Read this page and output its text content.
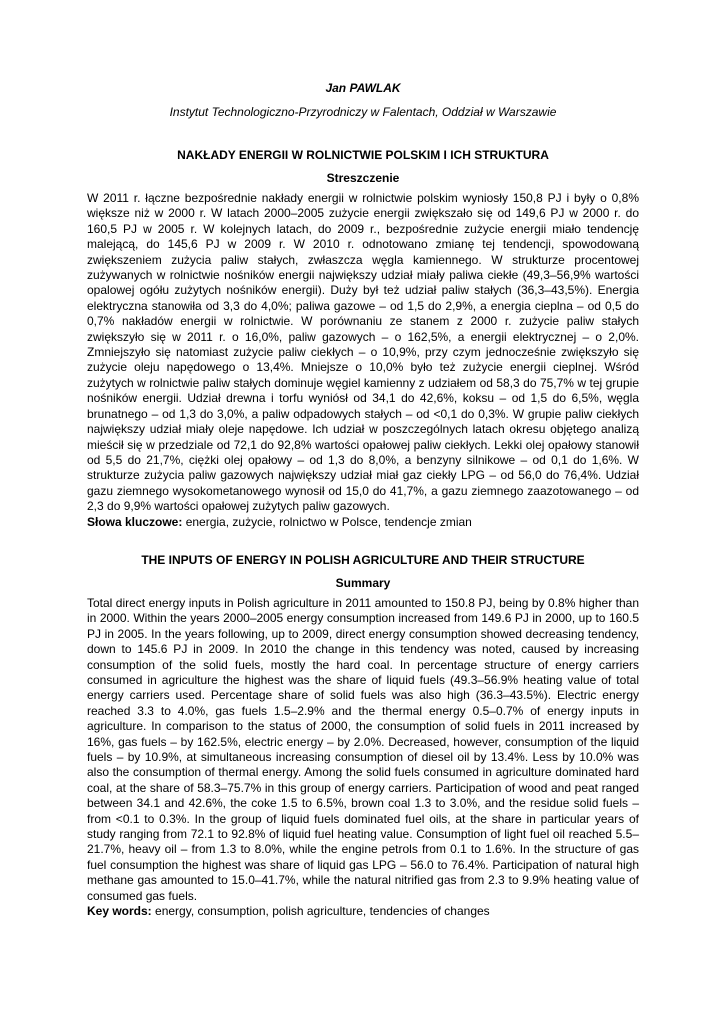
Jan PAWLAK

Instytut Technologiczno-Przyrodniczy w Falentach, Oddział w Warszawie

NAKŁADY ENERGII W ROLNICTWIE POLSKIM I ICH STRUKTURA

Streszczenie

W 2011 r. łączne bezpośrednie nakłady energii w rolnictwie polskim wyniosły 150,8 PJ i były o 0,8% większe niż w 2000 r. W latach 2000–2005 zużycie energii zwiększało się od 149,6 PJ w 2000 r. do 160,5 PJ w 2005 r. W kolejnych latach, do 2009 r., bezpośrednie zużycie energii miało tendencję malejącą, do 145,6 PJ w 2009 r. W 2010 r. odnotowano zmianę tej tendencji, spowodowaną zwiększeniem zużycia paliw stałych, zwłaszcza węgla kamiennego. W strukturze procentowej zużywanych w rolnictwie nośników energii największy udział miały paliwa ciekłe (49,3–56,9% wartości opalowej ogółu zużytych nośników energii). Duży był też udział paliw stałych (36,3–43,5%). Energia elektryczna stanowiła od 3,3 do 4,0%; paliwa gazowe – od 1,5 do 2,9%, a energia cieplna – od 0,5 do 0,7% nakładów energii w rolnictwie. W porównaniu ze stanem z 2000 r. zużycie paliw stałych zwiększyło się w 2011 r. o 16,0%, paliw gazowych – o 162,5%, a energii elektrycznej – o 2,0%. Zmniejszyło się natomiast zużycie paliw ciekłych – o 10,9%, przy czym jednocześnie zwiększyło się zużycie oleju napędowego o 13,4%. Mniejsze o 10,0% było też zużycie energii cieplnej. Wśród zużytych w rolnictwie paliw stałych dominuje węgiel kamienny z udziałem od 58,3 do 75,7% w tej grupie nośników energii. Udział drewna i torfu wyniósł od 34,1 do 42,6%, koksu – od 1,5 do 6,5%, węgla brunatnego – od 1,3 do 3,0%, a paliw odpadowych stałych – od <0,1 do 0,3%. W grupie paliw ciekłych największy udział miały oleje napędowe. Ich udział w poszczególnych latach okresu objętego analizą mieścił się w przedziale od 72,1 do 92,8% wartości opałowej paliw ciekłych. Lekki olej opałowy stanowił od 5,5 do 21,7%, ciężki olej opałowy – od 1,3 do 8,0%, a benzyny silnikowe – od 0,1 do 1,6%. W strukturze zużycia paliw gazowych największy udział miał gaz ciekły LPG – od 56,0 do 76,4%. Udział gazu ziemnego wysokometanowego wynosił od 15,0 do 41,7%, a gazu ziemnego zaazotowanego – od 2,3 do 9,9% wartości opałowej zużytych paliw gazowych.

Słowa kluczowe: energia, zużycie, rolnictwo w Polsce, tendencje zmian

THE INPUTS OF ENERGY IN POLISH AGRICULTURE AND THEIR STRUCTURE

Summary

Total direct energy inputs in Polish agriculture in 2011 amounted to 150.8 PJ, being by 0.8% higher than in 2000. Within the years 2000–2005 energy consumption increased from 149.6 PJ in 2000, up to 160.5 PJ in 2005. In the years following, up to 2009, direct energy consumption showed decreasing tendency, down to 145.6 PJ in 2009. In 2010 the change in this tendency was noted, caused by increasing consumption of the solid fuels, mostly the hard coal. In percentage structure of energy carriers consumed in agriculture the highest was the share of liquid fuels (49.3–56.9% heating value of total energy carriers used. Percentage share of solid fuels was also high (36.3–43.5%). Electric energy reached 3.3 to 4.0%, gas fuels 1.5–2.9% and the thermal energy 0.5–0.7% of energy inputs in agriculture. In comparison to the status of 2000, the consumption of solid fuels in 2011 increased by 16%, gas fuels – by 162.5%, electric energy – by 2.0%. Decreased, however, consumption of the liquid fuels – by 10.9%, at simultaneous increasing consumption of diesel oil by 13.4%. Less by 10.0% was also the consumption of thermal energy. Among the solid fuels consumed in agriculture dominated hard coal, at the share of 58.3–75.7% in this group of energy carriers. Participation of wood and peat ranged between 34.1 and 42.6%, the coke 1.5 to 6.5%, brown coal 1.3 to 3.0%, and the residue solid fuels – from <0.1 to 0.3%. In the group of liquid fuels dominated fuel oils, at the share in particular years of study ranging from 72.1 to 92.8% of liquid fuel heating value. Consumption of light fuel oil reached 5.5–21.7%, heavy oil – from 1.3 to 8.0%, while the engine petrols from 0.1 to 1.6%. In the structure of gas fuel consumption the highest was share of liquid gas LPG – 56.0 to 76.4%. Participation of natural high methane gas amounted to 15.0–41.7%, while the natural nitrified gas from 2.3 to 9.9% heating value of consumed gas fuels.

Key words: energy, consumption, polish agriculture, tendencies of changes
